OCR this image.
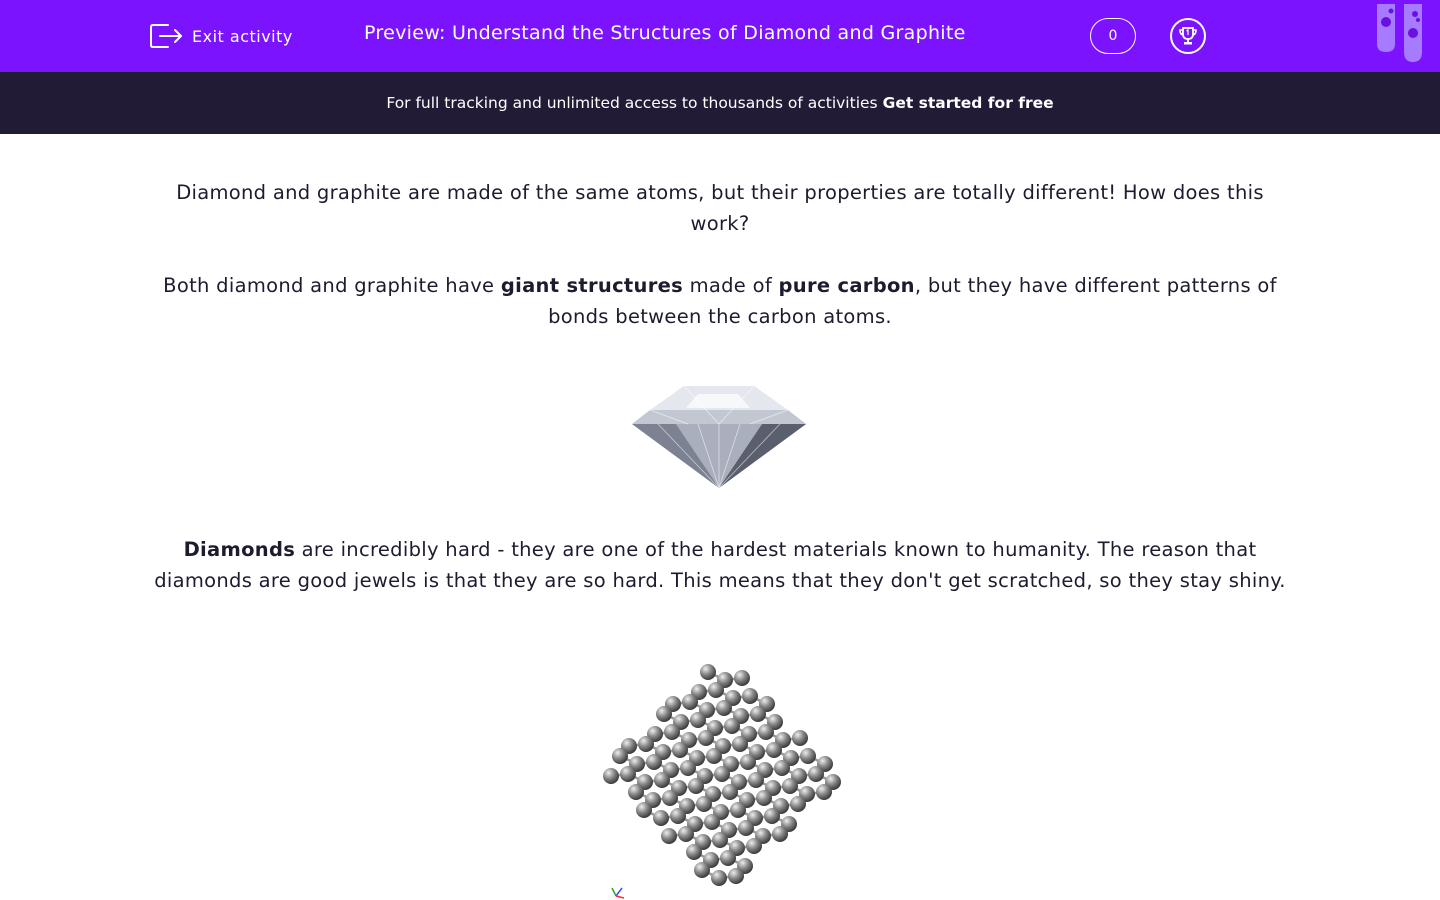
Exit activity	Preview: Understand the Structures of Diamond and Graphite	0
For full tracking and unlimited access to thousands of activities Get started for free

Diamond and graphite are made of the same atoms, but their properties are totally different! How does this work?

Both diamond and graphite have giant structures made of pure carbon, but they have different patterns of bonds between the carbon atoms.

Diamonds are incredibly hard - they are one of the hardest materials known to humanity. The reason that diamonds are good jewels is that they are so hard. This means that they don't get scratched, so they stay shiny.
